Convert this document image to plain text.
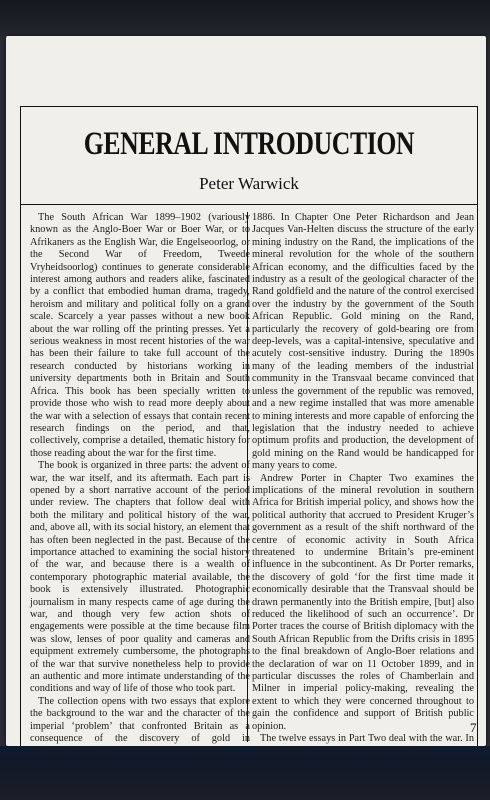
GENERAL INTRODUCTION
Peter Warwick

The South African War 1899–1902 (variously known as the Anglo-Boer War or Boer War, or to Afrikaners as the English War, die Engelseoorlog, or the Second War of Freedom, Tweede Vryheidsoorlog) continues to generate considerable interest among authors and readers alike, fascinated by a conflict that embodied human drama, tragedy, heroism and military and political folly on a grand scale. Scarcely a year passes without a new book about the war rolling off the printing presses. Yet a serious weakness in most recent histories of the war has been their failure to take full account of the research conducted by historians working in university departments both in Britain and South Africa. This book has been specially written to provide those who wish to read more deeply about the war with a selection of essays that contain recent research findings on the period, and that, collectively, comprise a detailed, thematic history for those reading about the war for the first time.

The book is organized in three parts: the advent of war, the war itself, and its aftermath. Each part is opened by a short narrative account of the period under review. The chapters that follow deal with both the military and political history of the war, and, above all, with its social history, an element that has often been neglected in the past. Because of the importance attached to examining the social history of the war, and because there is a wealth of contemporary photographic material available, the book is extensively illustrated. Photographic journalism in many respects came of age during the war, and though very few action shots of engagements were possible at the time because film was slow, lenses of poor quality and cameras and equipment extremely cumbersome, the photographs of the war that survive nonetheless help to provide an authentic and more intimate understanding of the conditions and way of life of those who took part.

The collection opens with two essays that explore the background to the war and the character of the imperial ‘problem’ that confronted Britain as a consequence of the discovery of gold in unprecedented quantity on the Witwatersrand in

1886. In Chapter One Peter Richardson and Jean Jacques Van-Helten discuss the structure of the early mining industry on the Rand, the implications of the mineral revolution for the whole of the southern African economy, and the difficulties faced by the industry as a result of the geological character of the Rand goldfield and the nature of the control exercised over the industry by the government of the South African Republic. Gold mining on the Rand, particularly the recovery of gold-bearing ore from deep-levels, was a capital-intensive, speculative and acutely cost-sensitive industry. During the 1890s many of the leading members of the industrial community in the Transvaal became convinced that unless the government of the republic was removed, and a new regime installed that was more amenable to mining interests and more capable of enforcing the legislation that the industry needed to achieve optimum profits and production, the development of gold mining on the Rand would be handicapped for many years to come.

Andrew Porter in Chapter Two examines the implications of the mineral revolution in southern Africa for British imperial policy, and shows how the political authority that accrued to President Kruger’s government as a result of the shift northward of the centre of economic activity in South Africa threatened to undermine Britain’s pre-eminent influence in the subcontinent. As Dr Porter remarks, the discovery of gold ‘for the first time made it economically desirable that the Transvaal should be drawn permanently into the British empire, [but] also reduced the likelihood of such an occurrence’. Dr Porter traces the course of British diplomacy with the South African Republic from the Drifts crisis in 1895 to the final breakdown of Anglo-Boer relations and the declaration of war on 11 October 1899, and in particular discusses the roles of Chamberlain and Milner in imperial policy-making, revealing the extent to which they were concerned throughout to gain the confidence and support of British public opinion.

The twelve essays in Part Two deal with the war. In Chapter Three Howard Bailes examines the

7
